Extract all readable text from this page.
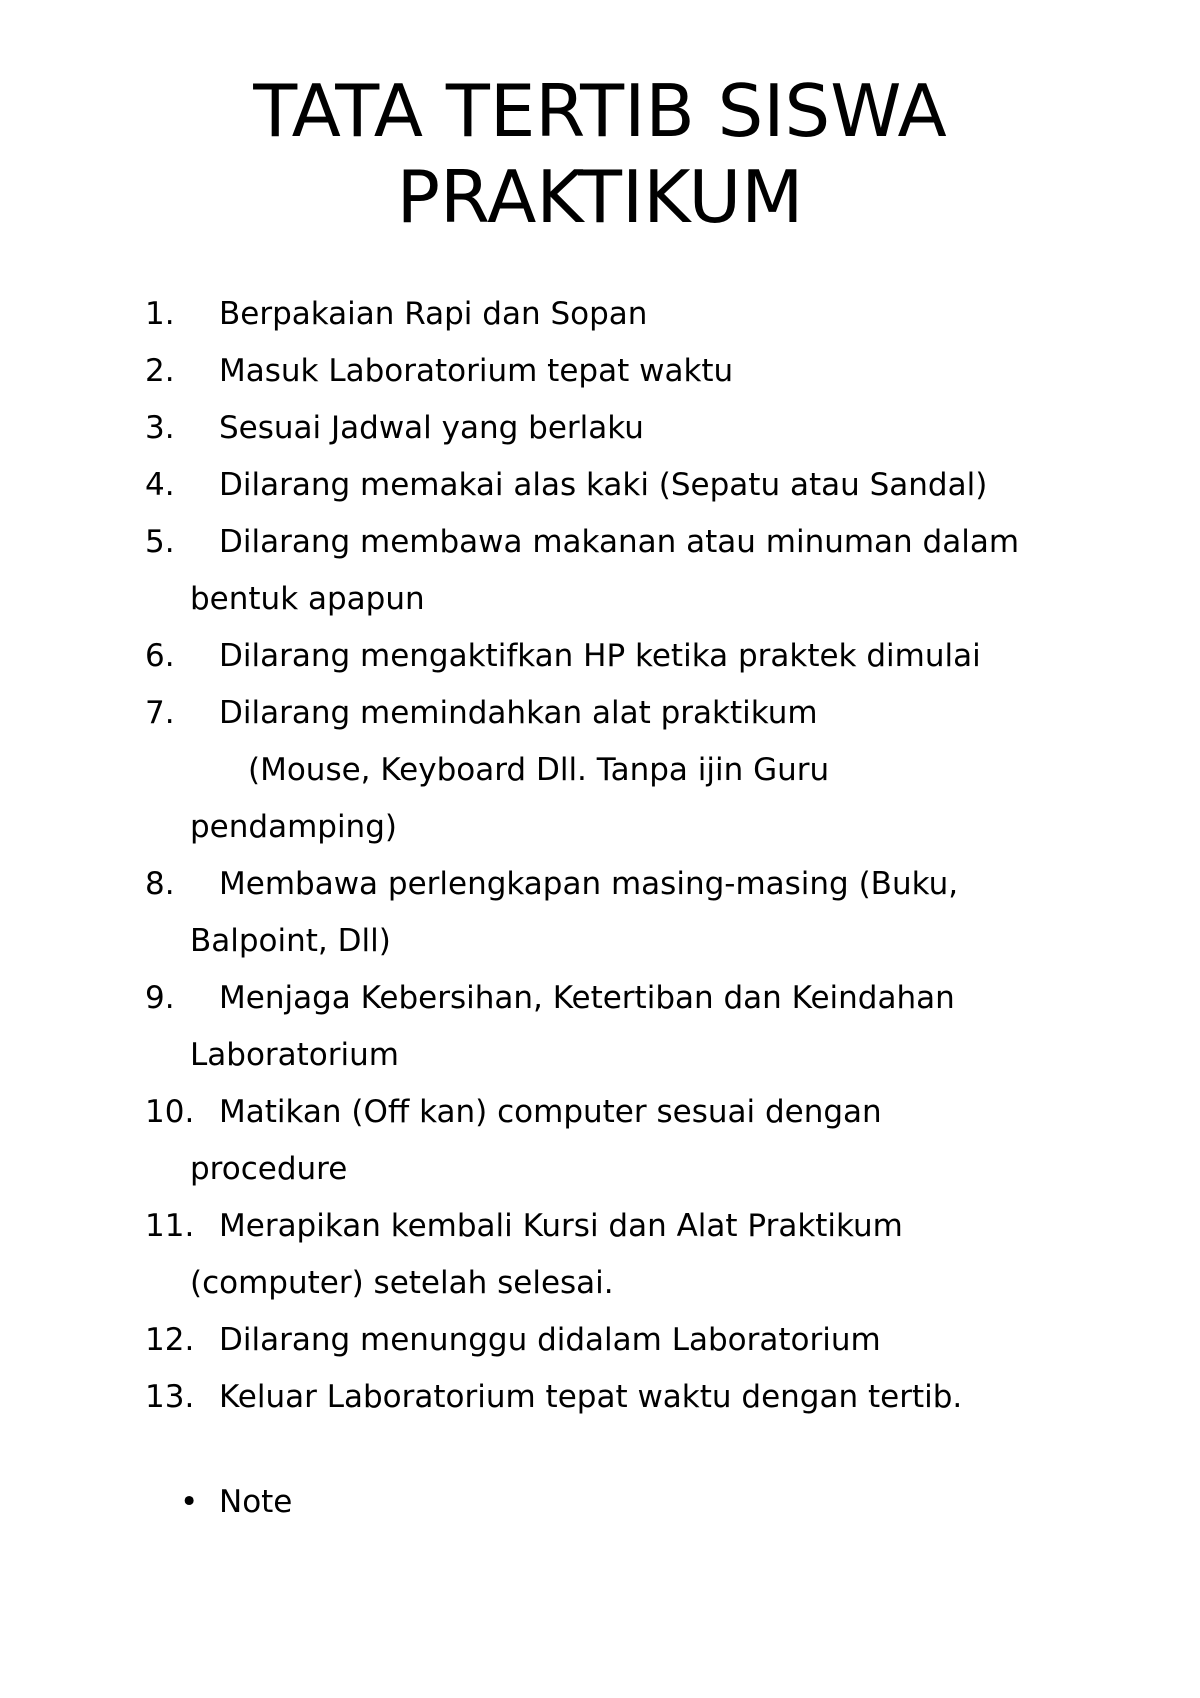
TATA TERTIB SISWA
PRAKTIKUM
1.	Berpakaian Rapi dan Sopan
2.	Masuk Laboratorium tepat waktu
3.	Sesuai Jadwal yang berlaku
4.	Dilarang memakai alas kaki (Sepatu atau Sandal)
5.	Dilarang membawa makanan atau minuman dalam
bentuk apapun
6.	Dilarang mengaktifkan HP ketika praktek dimulai
7.	Dilarang memindahkan alat praktikum
(Mouse, Keyboard Dll. Tanpa ijin Guru
pendamping)
8.	Membawa perlengkapan masing-masing (Buku,
Balpoint, Dll)
9.	Menjaga Kebersihan, Ketertiban dan Keindahan
Laboratorium
10. Matikan (Off kan) computer sesuai dengan
procedure
11. Merapikan kembali Kursi dan Alat Praktikum
(computer) setelah selesai.
12. Dilarang menunggu didalam Laboratorium
13. Keluar Laboratorium tepat waktu dengan tertib.
• Note
